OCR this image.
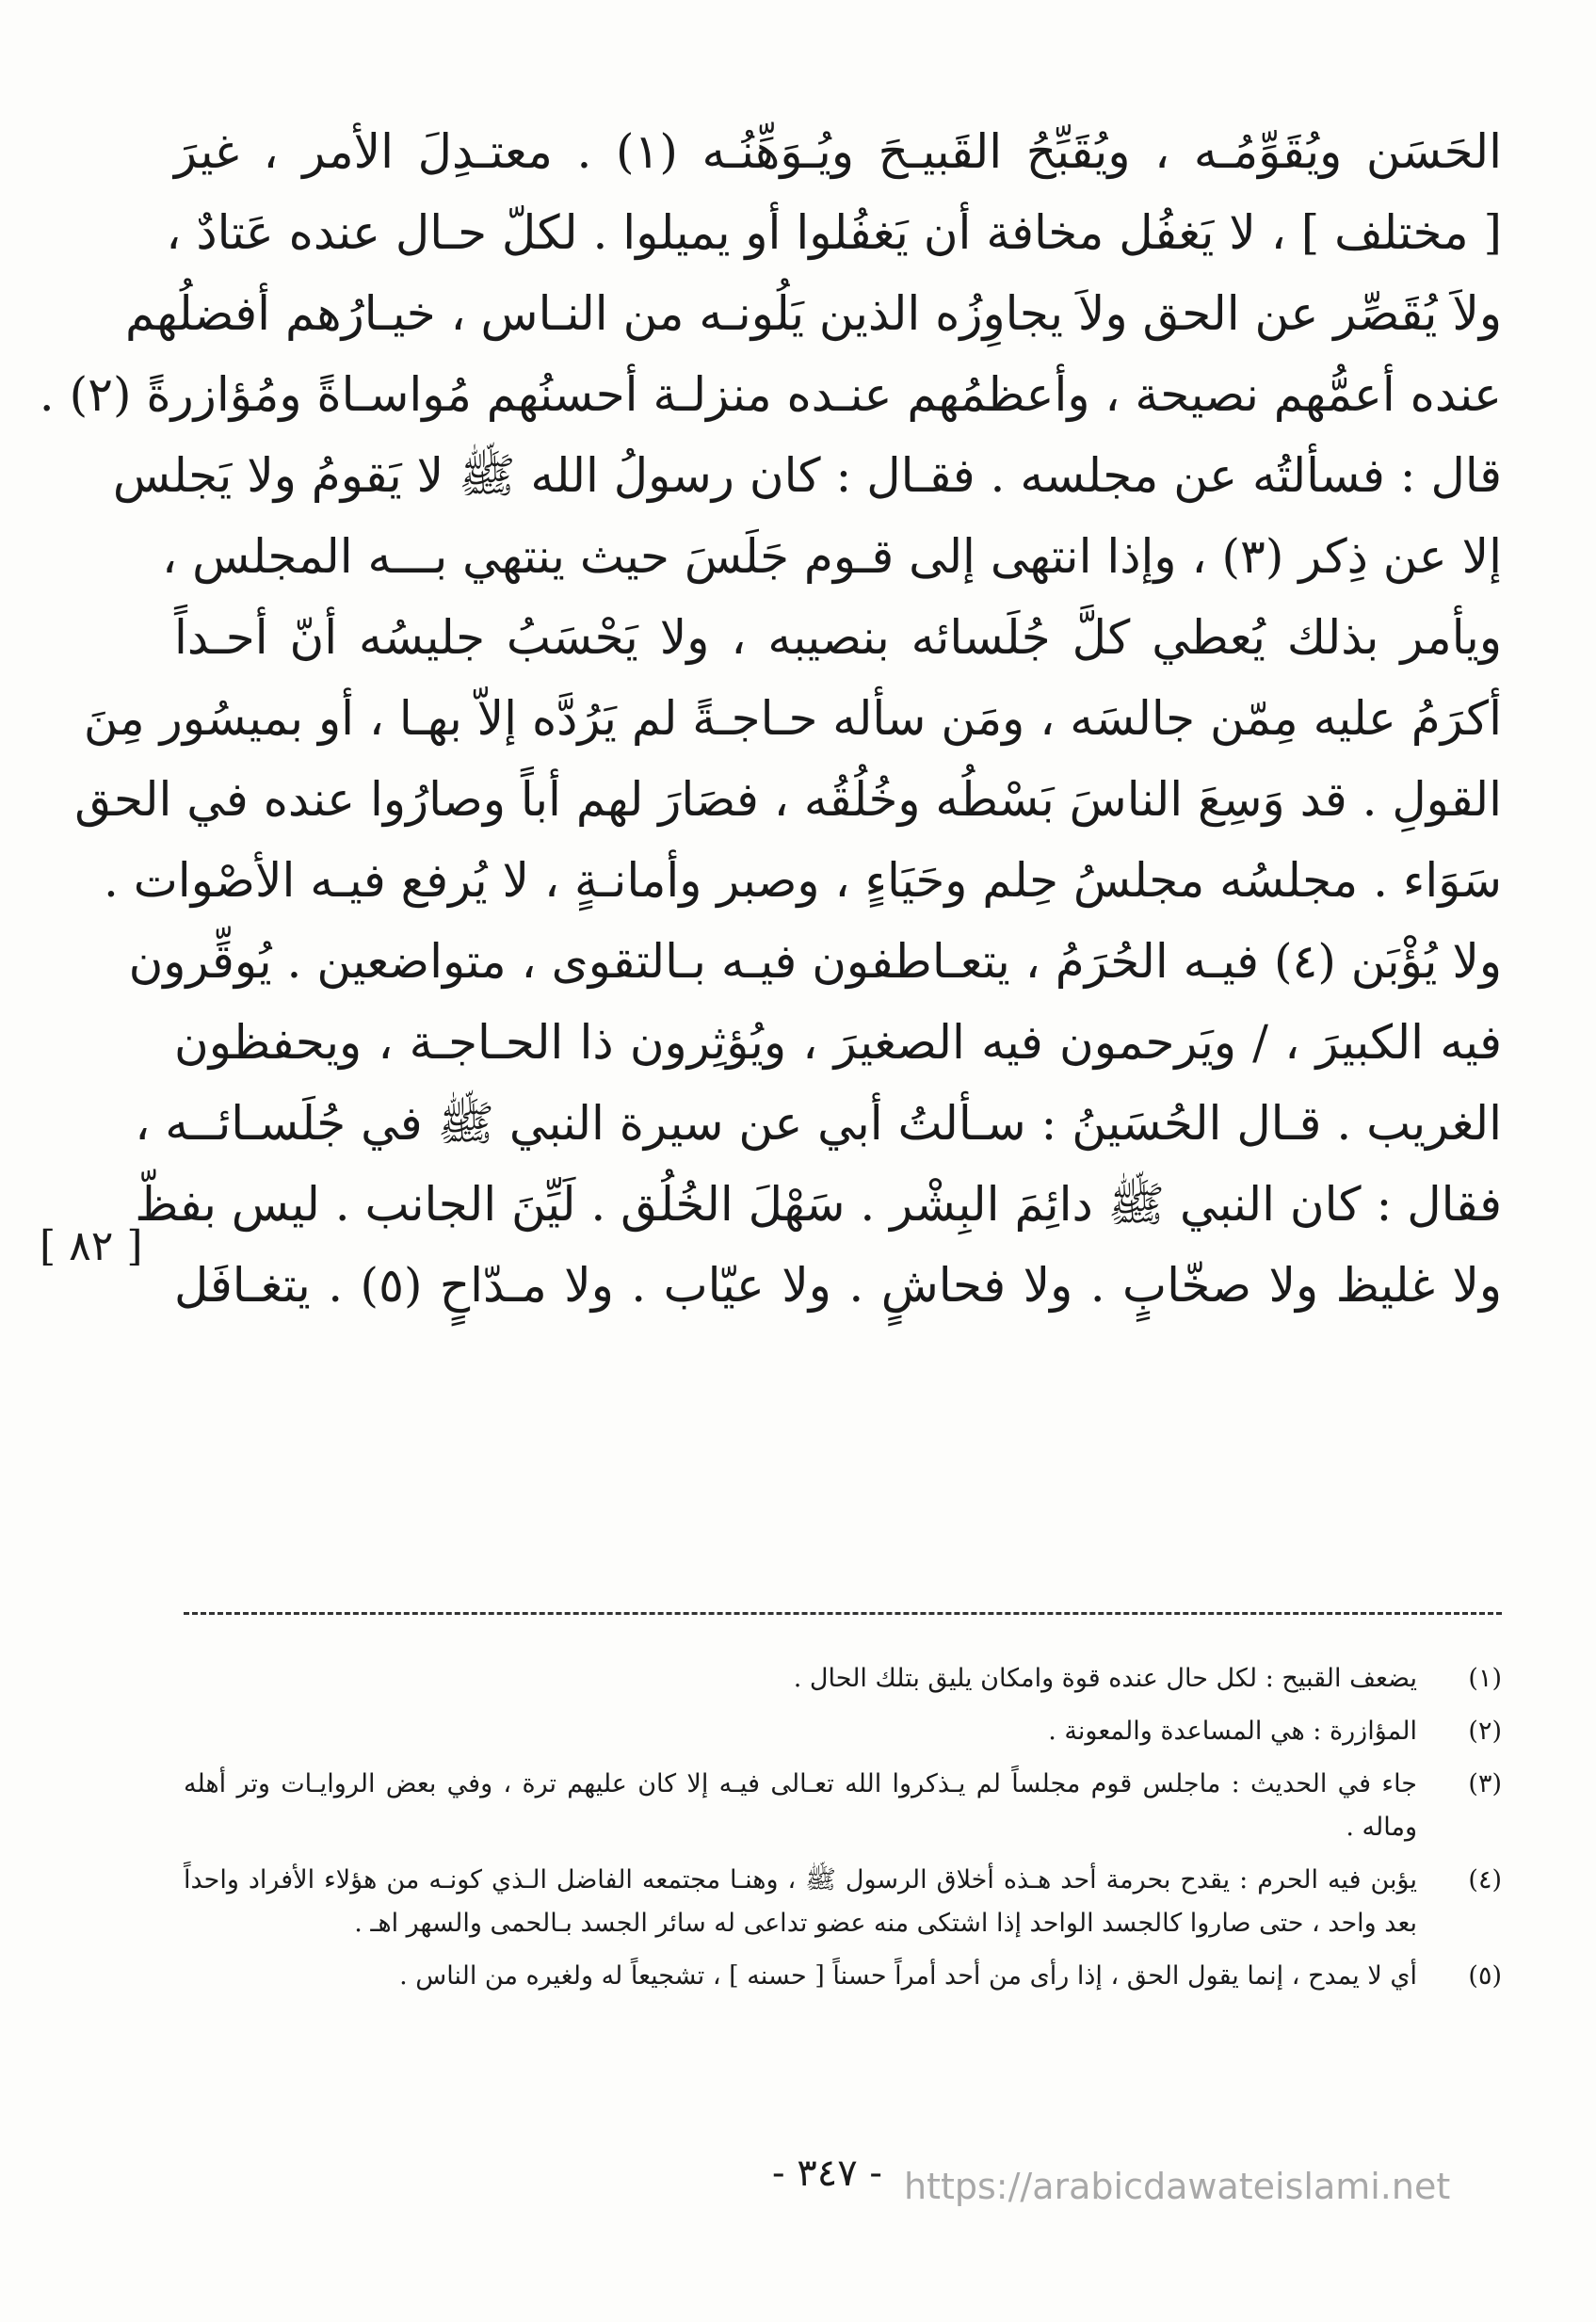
الحَسَن ويُقَوِّمُـه ، ويُقَبِّحُ القَبيـحَ ويُـوَهِّنُـه (١) . معتـدِلَ الأمر ، غيرَ
[ مختلف ] ، لا يَغفُل مخافة أن يَغفُلوا أو يميلوا . لكلّ حـال عنده عَتادٌ ،
ولاَ يُقَصِّر عن الحق ولاَ يجاوِزُه الذين يَلُونـه من النـاس ، خيـارُهم أفضلُهم
عنده أعمُّهم نصيحة ، وأعظمُهم عنـده منزلـة أحسنُهم مُواسـاةً ومُؤازرةً (٢) .
قال : فسألتُه عن مجلسه . فقـال : كان رسولُ الله ﷺ لا يَقومُ ولا يَجلس
إلا عن ذِكر (٣) ، وإذا انتهى إلى قـوم جَلَسَ حيث ينتهي بـــه المجلس ،
ويأمر بذلك يُعطي كلَّ جُلَسائه بنصيبه ، ولا يَحْسَبُ جليسُه أنّ أحـداً
أكرَمُ عليه مِمّن جالسَه ، ومَن سأله حـاجـةً لم يَرُدَّه إلاّ بهـا ، أو بميسُور مِنَ
القولِ . قد وَسِعَ الناسَ بَسْطُه وخُلُقُه ، فصَارَ لهم أباً وصارُوا عنده في الحق
سَوَاء . مجلسُه مجلسُ حِلم وحَيَاءٍ ، وصبر وأمانـةٍ ، لا يُرفع فيـه الأصْوات .
ولا يُؤْبَن (٤) فيـه الحُرَمُ ، يتعـاطفون فيـه بـالتقوى ، متواضعين . يُوقِّرون
فيه الكبيرَ ، / ويَرحمون فيه الصغيرَ ، ويُؤثِرون ذا الحـاجـة ، ويحفظون
الغريب . قـال الحُسَينُ : سـألتُ أبي عن سيرة النبي ﷺ في جُلَسـائــه ،
فقال : كان النبي ﷺ دائِمَ البِشْر . سَهْلَ الخُلُق . لَيِّنَ الجانب . ليس بفظّ
ولا غليظ ولا صخّابٍ . ولا فحاشٍ . ولا عيّاب . ولا مـدّاحٍ (٥) . يتغـافَل
[ ٨٢ ]
(١)
يضعف القبيح : لكل حال عنده قوة وامكان يليق بتلك الحال .
(٢)
المؤازرة : هي المساعدة والمعونة .
(٣)
جاء في الحديث : ماجلس قوم مجلساً لم يـذكروا الله تعـالى فيـه إلا كان عليهم ترة ، وفي بعض الروايـات وتر أهله وماله .
(٤)
يؤبن فيه الحرم : يقدح بحرمة أحد هـذه أخلاق الرسول ﷺ ، وهنـا مجتمعه الفاضل الـذي كونـه من هؤلاء الأفراد واحداً بعد واحد ، حتى صاروا كالجسد الواحد إذا اشتكى منه عضو تداعى له سائر الجسد بـالحمى والسهر اهـ .
(٥)
أي لا يمدح ، إنما يقول الحق ، إذا رأى من أحد أمراً حسناً [ حسنه ] ، تشجيعاً له ولغيره من الناس .
- ٣٤٧ - https://arabicdawateislami.net
